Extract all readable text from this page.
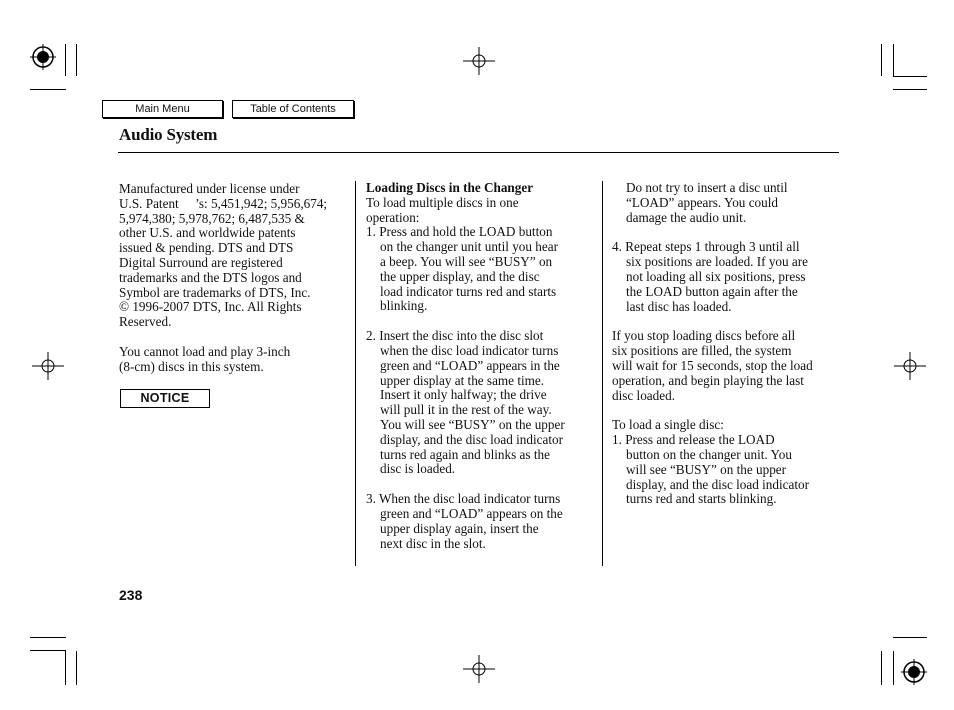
Main Menu	Table of Contents
Audio System

Manufactured under license under
U.S. Patent     ’s: 5,451,942; 5,956,674;
5,974,380; 5,978,762; 6,487,535 &
other U.S. and worldwide patents
issued & pending. DTS and DTS
Digital Surround are registered
trademarks and the DTS logos and
Symbol are trademarks of DTS, Inc.
© 1996-2007 DTS, Inc. All Rights
Reserved.

You cannot load and play 3-inch
(8-cm) discs in this system.

NOTICE

Loading Discs in the Changer

To load multiple discs in one
operation:

1. Press and hold the LOAD button
on the changer unit until you hear
a beep. You will see “BUSY” on
the upper display, and the disc
load indicator turns red and starts
blinking.

2. Insert the disc into the disc slot
when the disc load indicator turns
green and “LOAD” appears in the
upper display at the same time.
Insert it only halfway; the drive
will pull it in the rest of the way.
You will see “BUSY” on the upper
display, and the disc load indicator
turns red again and blinks as the
disc is loaded.

3. When the disc load indicator turns
green and “LOAD” appears on the
upper display again, insert the
next disc in the slot.

Do not try to insert a disc until
“LOAD” appears. You could
damage the audio unit.

4. Repeat steps 1 through 3 until all
six positions are loaded. If you are
not loading all six positions, press
the LOAD button again after the
last disc has loaded.

If you stop loading discs before all
six positions are filled, the system
will wait for 15 seconds, stop the load
operation, and begin playing the last
disc loaded.

To load a single disc:

1. Press and release the LOAD
button on the changer unit. You
will see “BUSY” on the upper
display, and the disc load indicator
turns red and starts blinking.

238
